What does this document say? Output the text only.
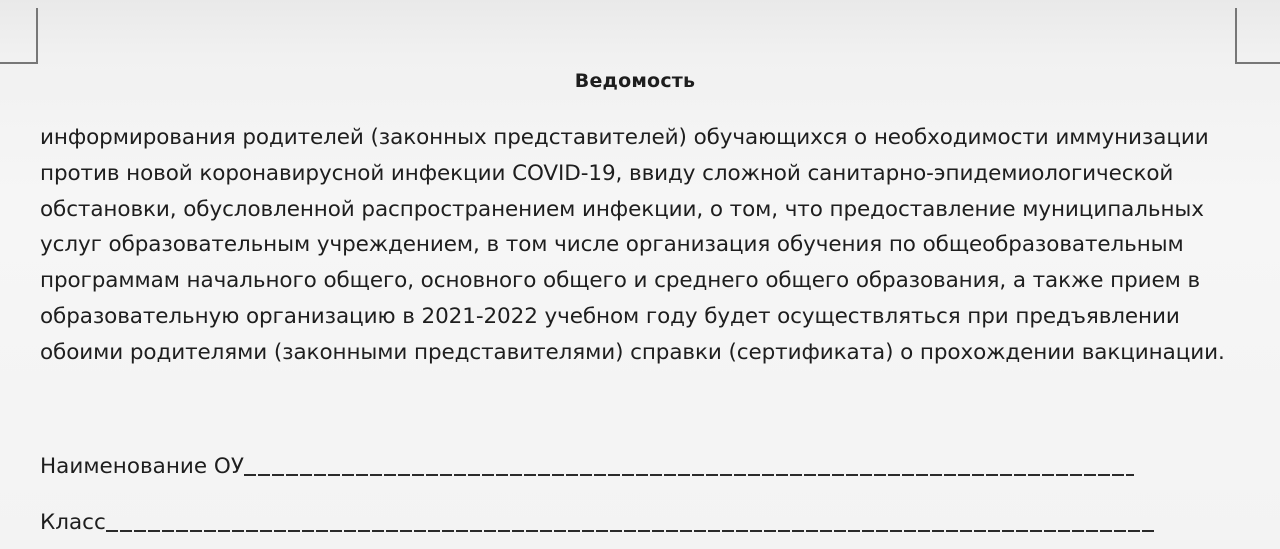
Ведомость

информирования родителей (законных представителей) обучающихся о необходимости иммунизации против новой коронавирусной инфекции COVID-19, ввиду сложной санитарно-эпидемиологической обстановки, обусловленной распространением инфекции, о том, что предоставление муниципальных услуг образовательным учреждением, в том числе организация обучения по общеобразовательным программам начального общего, основного общего и среднего общего образования, а также прием в образовательную организацию в 2021-2022 учебном году будет осуществляться при предъявлении обоими родителями (законными представителями) справки (сертификата) о прохождении вакцинации.

Наименование ОУ
Класс
